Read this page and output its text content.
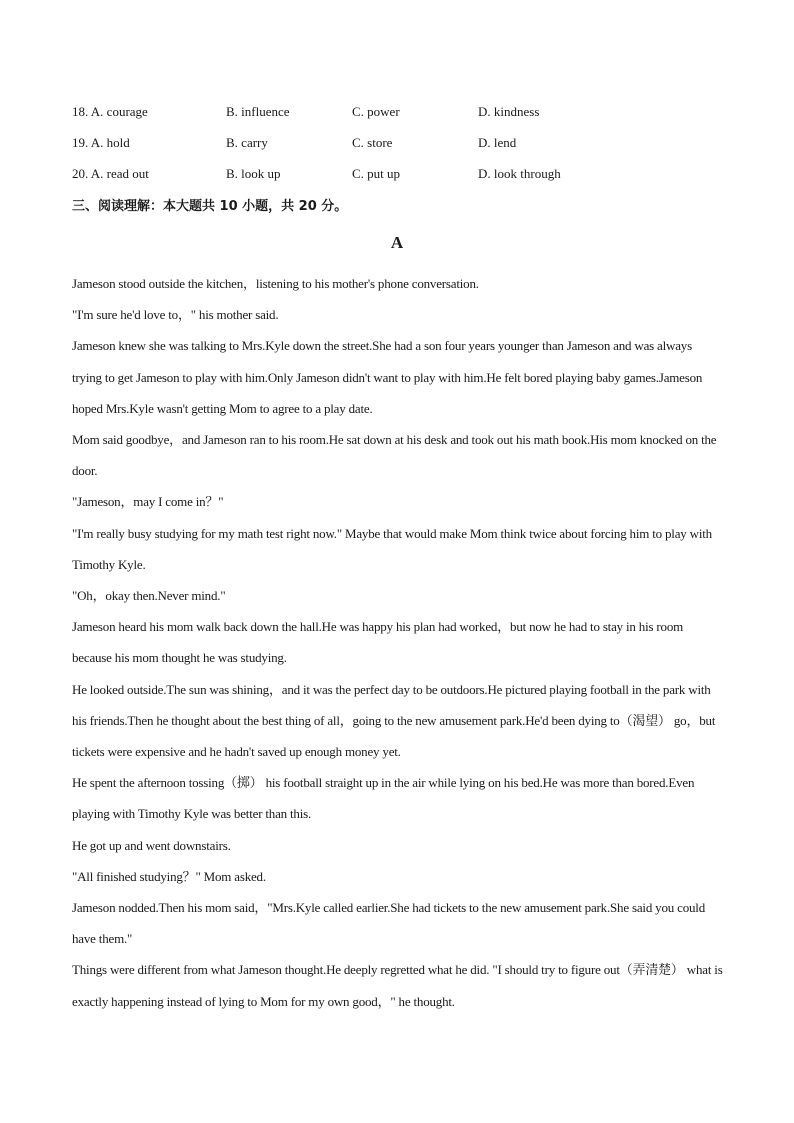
18. A. courage	B. influence	C. power	D. kindness
19. A. hold	B. carry	C. store	D. lend
20. A. read out	B. look up	C. put up	D. look through
三、阅读理解：本大题共 10 小题，共 20 分。
A

Jameson stood outside the kitchen，listening to his mother's phone conversation.

"I'm sure he'd love to，" his mother said.

Jameson knew she was talking to Mrs.Kyle down the street.She had a son four years younger than Jameson and was always trying to get Jameson to play with him.Only Jameson didn't want to play with him.He felt bored playing baby games.Jameson hoped Mrs.Kyle wasn't getting Mom to agree to a play date.

Mom said goodbye，and Jameson ran to his room.He sat down at his desk and took out his math book.His mom knocked on the door.

"Jameson，may I come in？"

"I'm really busy studying for my math test right now." Maybe that would make Mom think twice about forcing him to play with Timothy Kyle.

"Oh，okay then.Never mind."

Jameson heard his mom walk back down the hall.He was happy his plan had worked，but now he had to stay in his room because his mom thought he was studying.

He looked outside.The sun was shining，and it was the perfect day to be outdoors.He pictured playing football in the park with his friends.Then he thought about the best thing of all，going to the new amusement park.He'd been dying to（渴望） go，but tickets were expensive and he hadn't saved up enough money yet.

He spent the afternoon tossing（掷） his football straight up in the air while lying on his bed.He was more than bored.Even playing with Timothy Kyle was better than this.

He got up and went downstairs.

"All finished studying？" Mom asked.

Jameson nodded.Then his mom said，"Mrs.Kyle called earlier.She had tickets to the new amusement park.She said you could have them."

Things were different from what Jameson thought.He deeply regretted what he did. "I should try to figure out（弄清楚） what is exactly happening instead of lying to Mom for my own good，" he thought.
